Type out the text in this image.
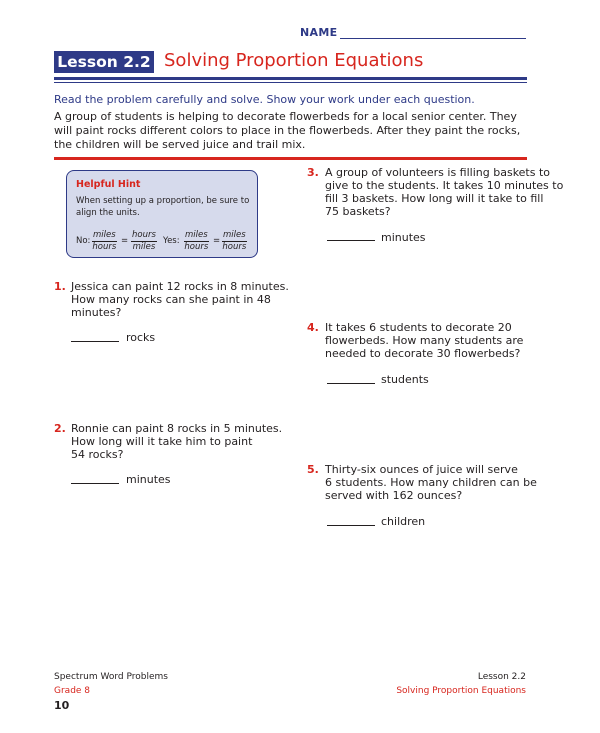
NAME
Lesson 2.2 Solving Proportion Equations
Read the problem carefully and solve. Show your work under each question.
A group of students is helping to decorate flowerbeds for a local senior center. They will paint rocks different colors to place in the flowerbeds. After they paint the rocks, the children will be served juice and trail mix.
Helpful Hint
When setting up a proportion, be sure to align the units.
No:
miles
hours
=
hours
miles
Yes:
miles
hours
=
miles
hours
1. Jessica can paint 12 rocks in 8 minutes.
How many rocks can she paint in 48
minutes?
rocks
2. Ronnie can paint 8 rocks in 5 minutes.
How long will it take him to paint
54 rocks?
minutes
3. A group of volunteers is filling baskets to
give to the students. It takes 10 minutes to
fill 3 baskets. How long will it take to fill
75 baskets?
minutes
4. It takes 6 students to decorate 20
flowerbeds. How many students are
needed to decorate 30 flowerbeds?
students
5. Thirty-six ounces of juice will serve
6 students. How many children can be
served with 162 ounces?
children
Spectrum Word Problems
Grade 8
10
Lesson 2.2
Solving Proportion Equations
